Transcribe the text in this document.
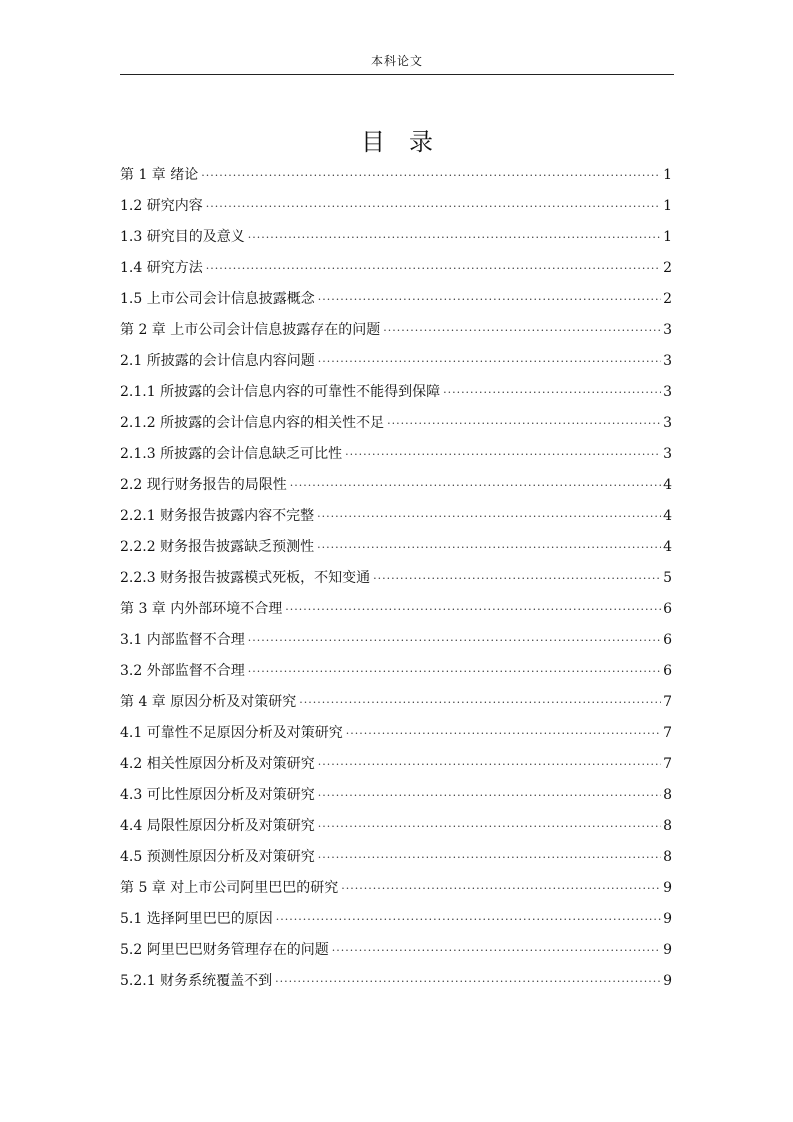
本科论文
目录
第 1 章 绪论 ·····	1
1.2 研究内容 ·····	1
1.3 研究目的及意义 ·····	1
1.4 研究方法 ·····	2
1.5 上市公司会计信息披露概念 ·····	2
第 2 章 上市公司会计信息披露存在的问题 ·····	3
2.1 所披露的会计信息内容问题 ·····	3
2.1.1 所披露的会计信息内容的可靠性不能得到保障 ·····	3
2.1.2 所披露的会计信息内容的相关性不足 ·····	3
2.1.3 所披露的会计信息缺乏可比性 ·····	3
2.2 现行财务报告的局限性 ·····	4
2.2.1 财务报告披露内容不完整 ·····	4
2.2.2 财务报告披露缺乏预测性 ·····	4
2.2.3 财务报告披露模式死板，不知变通 ·····	5
第 3 章 内外部环境不合理 ·····	6
3.1 内部监督不合理 ·····	6
3.2 外部监督不合理 ·····	6
第 4 章 原因分析及对策研究 ·····	7
4.1 可靠性不足原因分析及对策研究 ·····	7
4.2 相关性原因分析及对策研究 ·····	7
4.3 可比性原因分析及对策研究 ·····	8
4.4 局限性原因分析及对策研究 ·····	8
4.5 预测性原因分析及对策研究 ·····	8
第 5 章 对上市公司阿里巴巴的研究 ·····	9
5.1 选择阿里巴巴的原因 ·····	9
5.2 阿里巴巴财务管理存在的问题 ·····	9
5.2.1 财务系统覆盖不到 ·····	9
